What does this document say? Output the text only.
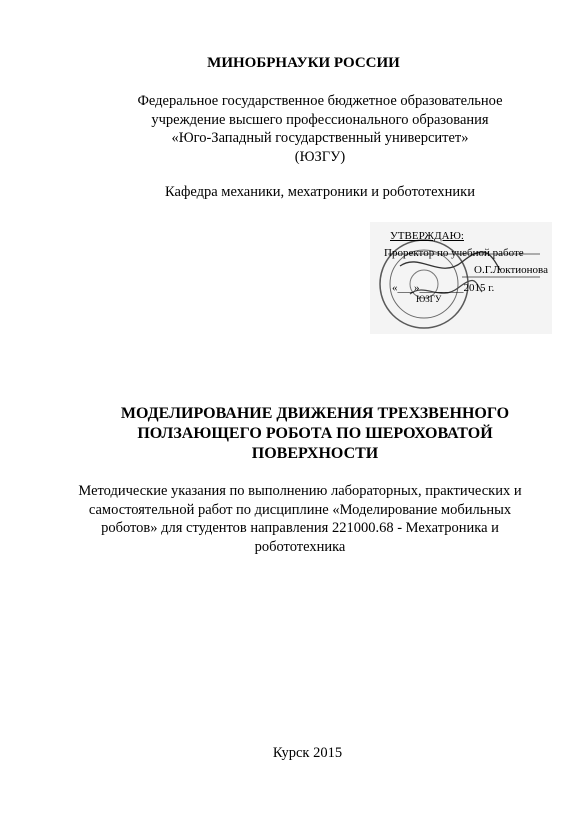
МИНОБРНАУКИ РОССИИ
Федеральное государственное бюджетное образовательное
учреждение высшего профессионального образования
«Юго-Западный государственный университет»
(ЮЗГУ)
Кафедра механики, мехатроники и робототехники
УТВЕРЖДАЮ:
Проректор по учебной работе
О.Г.Локтионова
«___»________2015 г.
ЮЗГУ
МОДЕЛИРОВАНИЕ ДВИЖЕНИЯ ТРЕХЗВЕННОГО
ПОЛЗАЮЩЕГО РОБОТА ПО ШЕРОХОВАТОЙ
ПОВЕРХНОСТИ
Методические указания по выполнению лабораторных, практических и
самостоятельной работ по дисциплине «Моделирование мобильных
роботов» для студентов направления 221000.68 - Мехатроника и
робототехника
Курск 2015
